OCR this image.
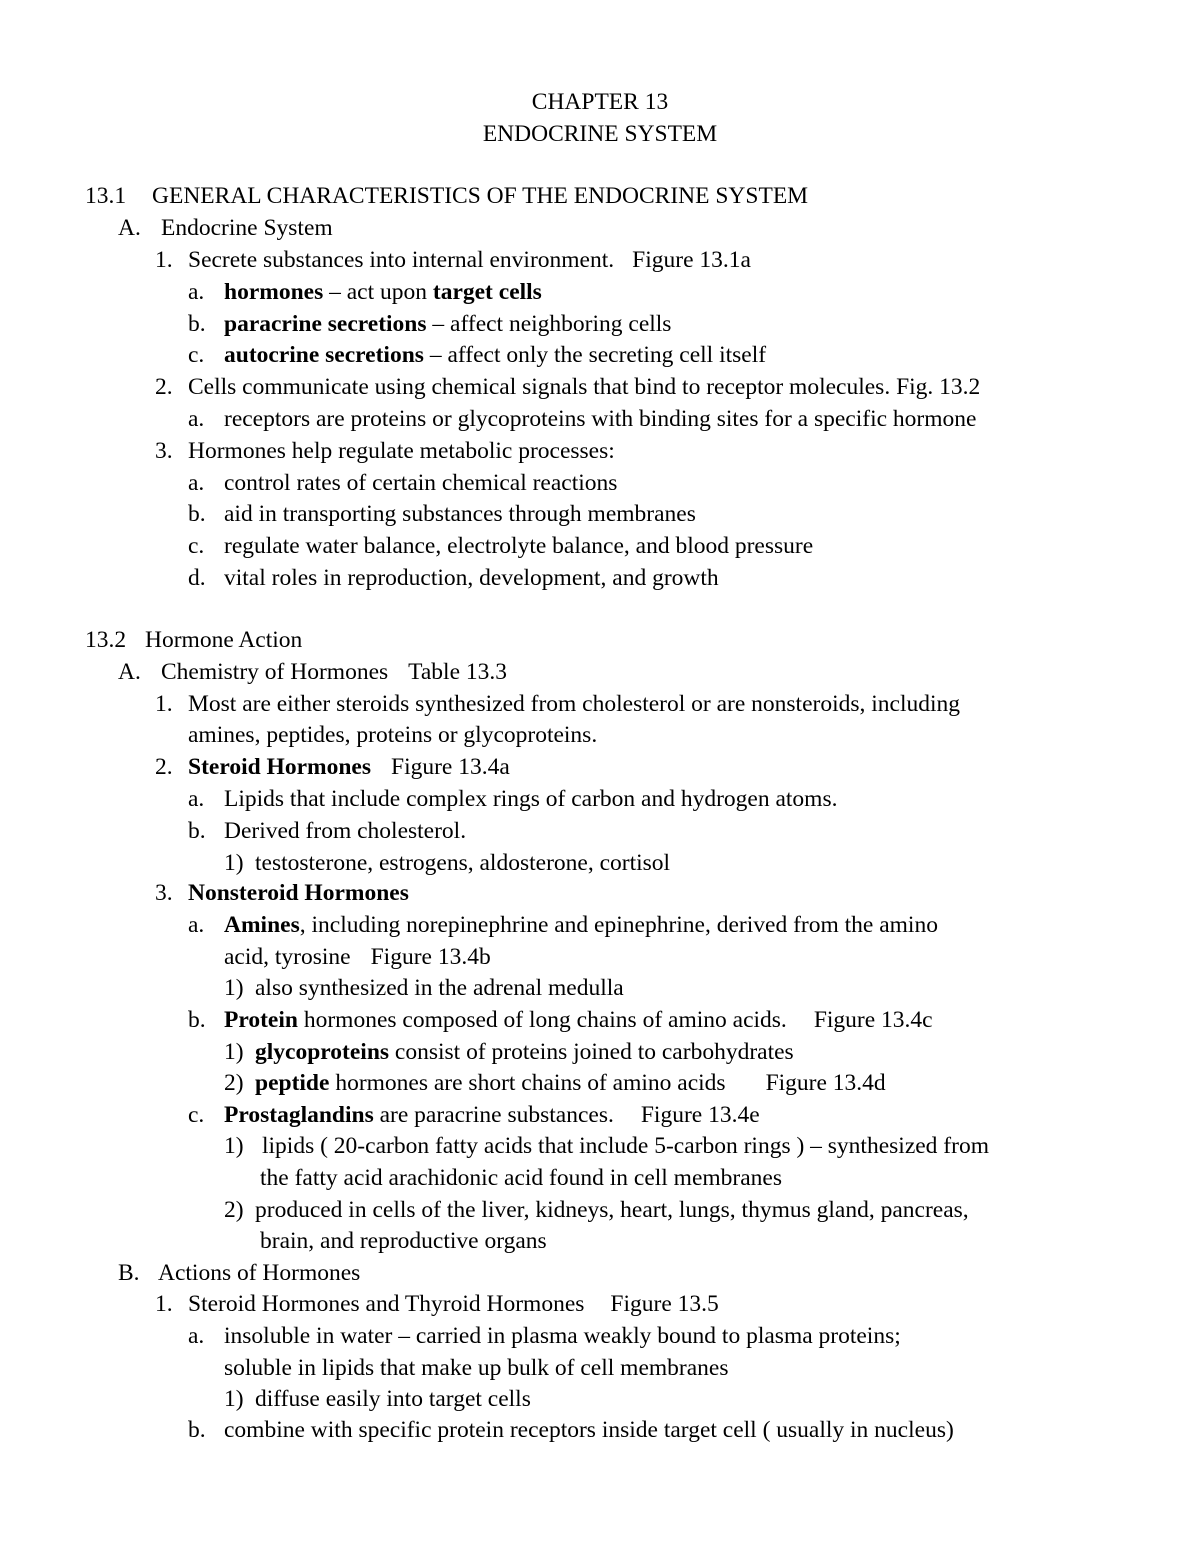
CHAPTER 13
ENDOCRINE SYSTEM
13.1 GENERAL CHARACTERISTICS OF THE ENDOCRINE SYSTEM
A. Endocrine System
1. Secrete substances into internal environment. Figure 13.1a
a. hormones – act upon target cells
b. paracrine secretions – affect neighboring cells
c. autocrine secretions – affect only the secreting cell itself
2. Cells communicate using chemical signals that bind to receptor molecules. Fig. 13.2
a. receptors are proteins or glycoproteins with binding sites for a specific hormone
3. Hormones help regulate metabolic processes:
a. control rates of certain chemical reactions
b. aid in transporting substances through membranes
c. regulate water balance, electrolyte balance, and blood pressure
d. vital roles in reproduction, development, and growth
13.2 Hormone Action
A. Chemistry of Hormones Table 13.3
1. Most are either steroids synthesized from cholesterol or are nonsteroids, including
amines, peptides, proteins or glycoproteins.
2. Steroid Hormones Figure 13.4a
a. Lipids that include complex rings of carbon and hydrogen atoms.
b. Derived from cholesterol.
1) testosterone, estrogens, aldosterone, cortisol
3. Nonsteroid Hormones
a. Amines, including norepinephrine and epinephrine, derived from the amino
acid, tyrosine Figure 13.4b
1) also synthesized in the adrenal medulla
b. Protein hormones composed of long chains of amino acids. Figure 13.4c
1) glycoproteins consist of proteins joined to carbohydrates
2) peptide hormones are short chains of amino acids Figure 13.4d
c. Prostaglandins are paracrine substances. Figure 13.4e
1) lipids ( 20-carbon fatty acids that include 5-carbon rings ) – synthesized from
the fatty acid arachidonic acid found in cell membranes
2) produced in cells of the liver, kidneys, heart, lungs, thymus gland, pancreas,
brain, and reproductive organs
B. Actions of Hormones
1. Steroid Hormones and Thyroid Hormones Figure 13.5
a. insoluble in water – carried in plasma weakly bound to plasma proteins;
soluble in lipids that make up bulk of cell membranes
1) diffuse easily into target cells
b. combine with specific protein receptors inside target cell ( usually in nucleus)
